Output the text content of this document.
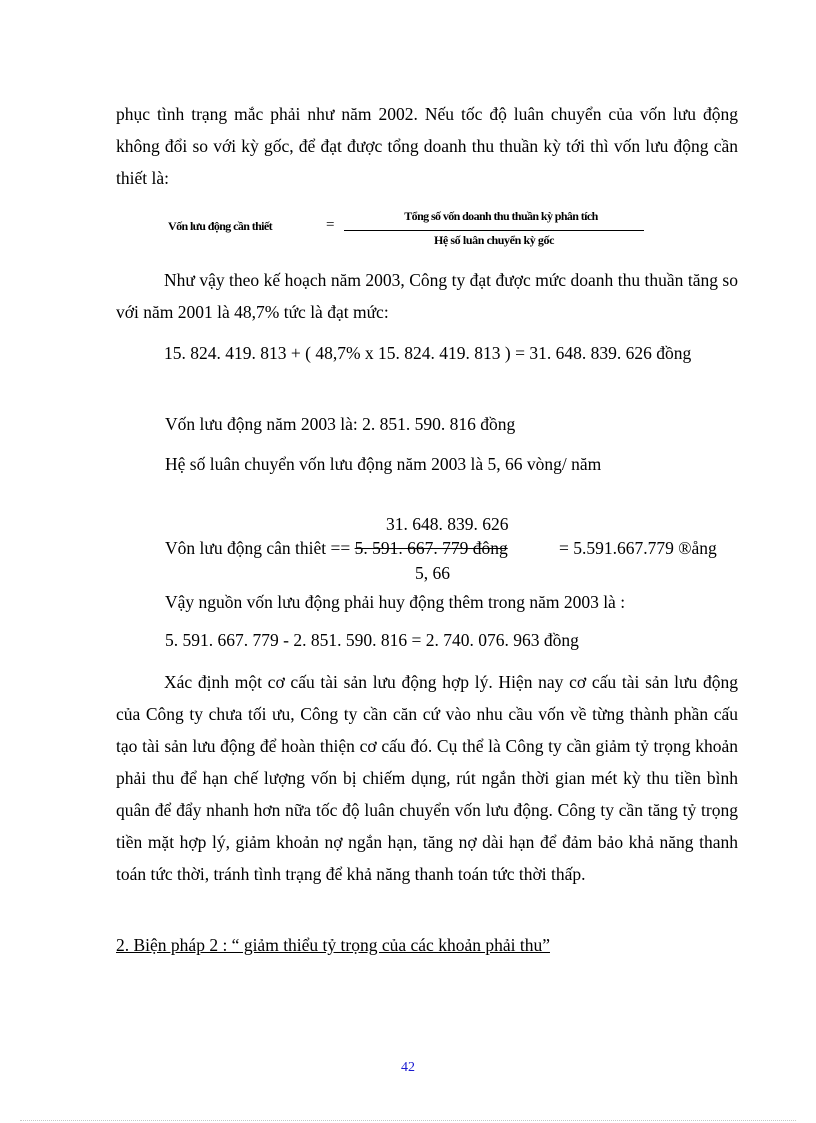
phục tình trạng mắc phải như năm 2002. Nếu tốc độ luân chuyển của vốn lưu động không đổi so với kỳ gốc, để đạt được tổng doanh thu thuần kỳ tới thì vốn lưu động cần thiết là:

Vốn lưu động cần thiết	=
Tổng số vốn doanh thu thuần kỳ phân tích
Hệ số luân chuyển kỳ gốc

Như vậy theo kế hoạch năm 2003, Công ty đạt được mức doanh thu thuần tăng so với năm 2001 là 48,7% tức là đạt mức:

15. 824. 419. 813 + ( 48,7% x 15. 824. 419. 813 ) = 31. 648. 839. 626 đồng

Vốn lưu động năm 2003 là: 2. 851. 590. 816 đồng

Hệ số luân chuyển vốn lưu động năm 2003 là 5, 66 vòng/ năm

31. 648. 839. 626

Vôn lưu động cân thiêt == 5. 591. 667. 779 đông	= 5.591.667.779 ®ång

5, 66

Vậy nguồn vốn lưu động phải huy động thêm trong năm 2003 là :

5. 591. 667. 779 - 2. 851. 590. 816 = 2. 740. 076. 963 đồng

Xác định một cơ cấu tài sản lưu động hợp lý. Hiện nay cơ cấu tài sản lưu động của Công ty chưa tối ưu, Công ty cần căn cứ vào nhu cầu vốn về từng thành phần cấu tạo tài sản lưu động để hoàn thiện cơ cấu đó. Cụ thể là Công ty cần giảm tỷ trọng khoản phải thu để hạn chế lượng vốn bị chiếm dụng, rút ngắn thời gian mét kỳ thu tiền bình quân để đẩy nhanh hơn nữa tốc độ luân chuyển vốn lưu động. Công ty cần tăng tỷ trọng tiền mặt hợp lý, giảm khoản nợ ngắn hạn, tăng nợ dài hạn để đảm bảo khả năng thanh toán tức thời, tránh tình trạng để khả năng thanh toán tức thời thấp.

2. Biện pháp 2 : “ giảm thiểu tỷ trọng của các khoản phải thu”

42
